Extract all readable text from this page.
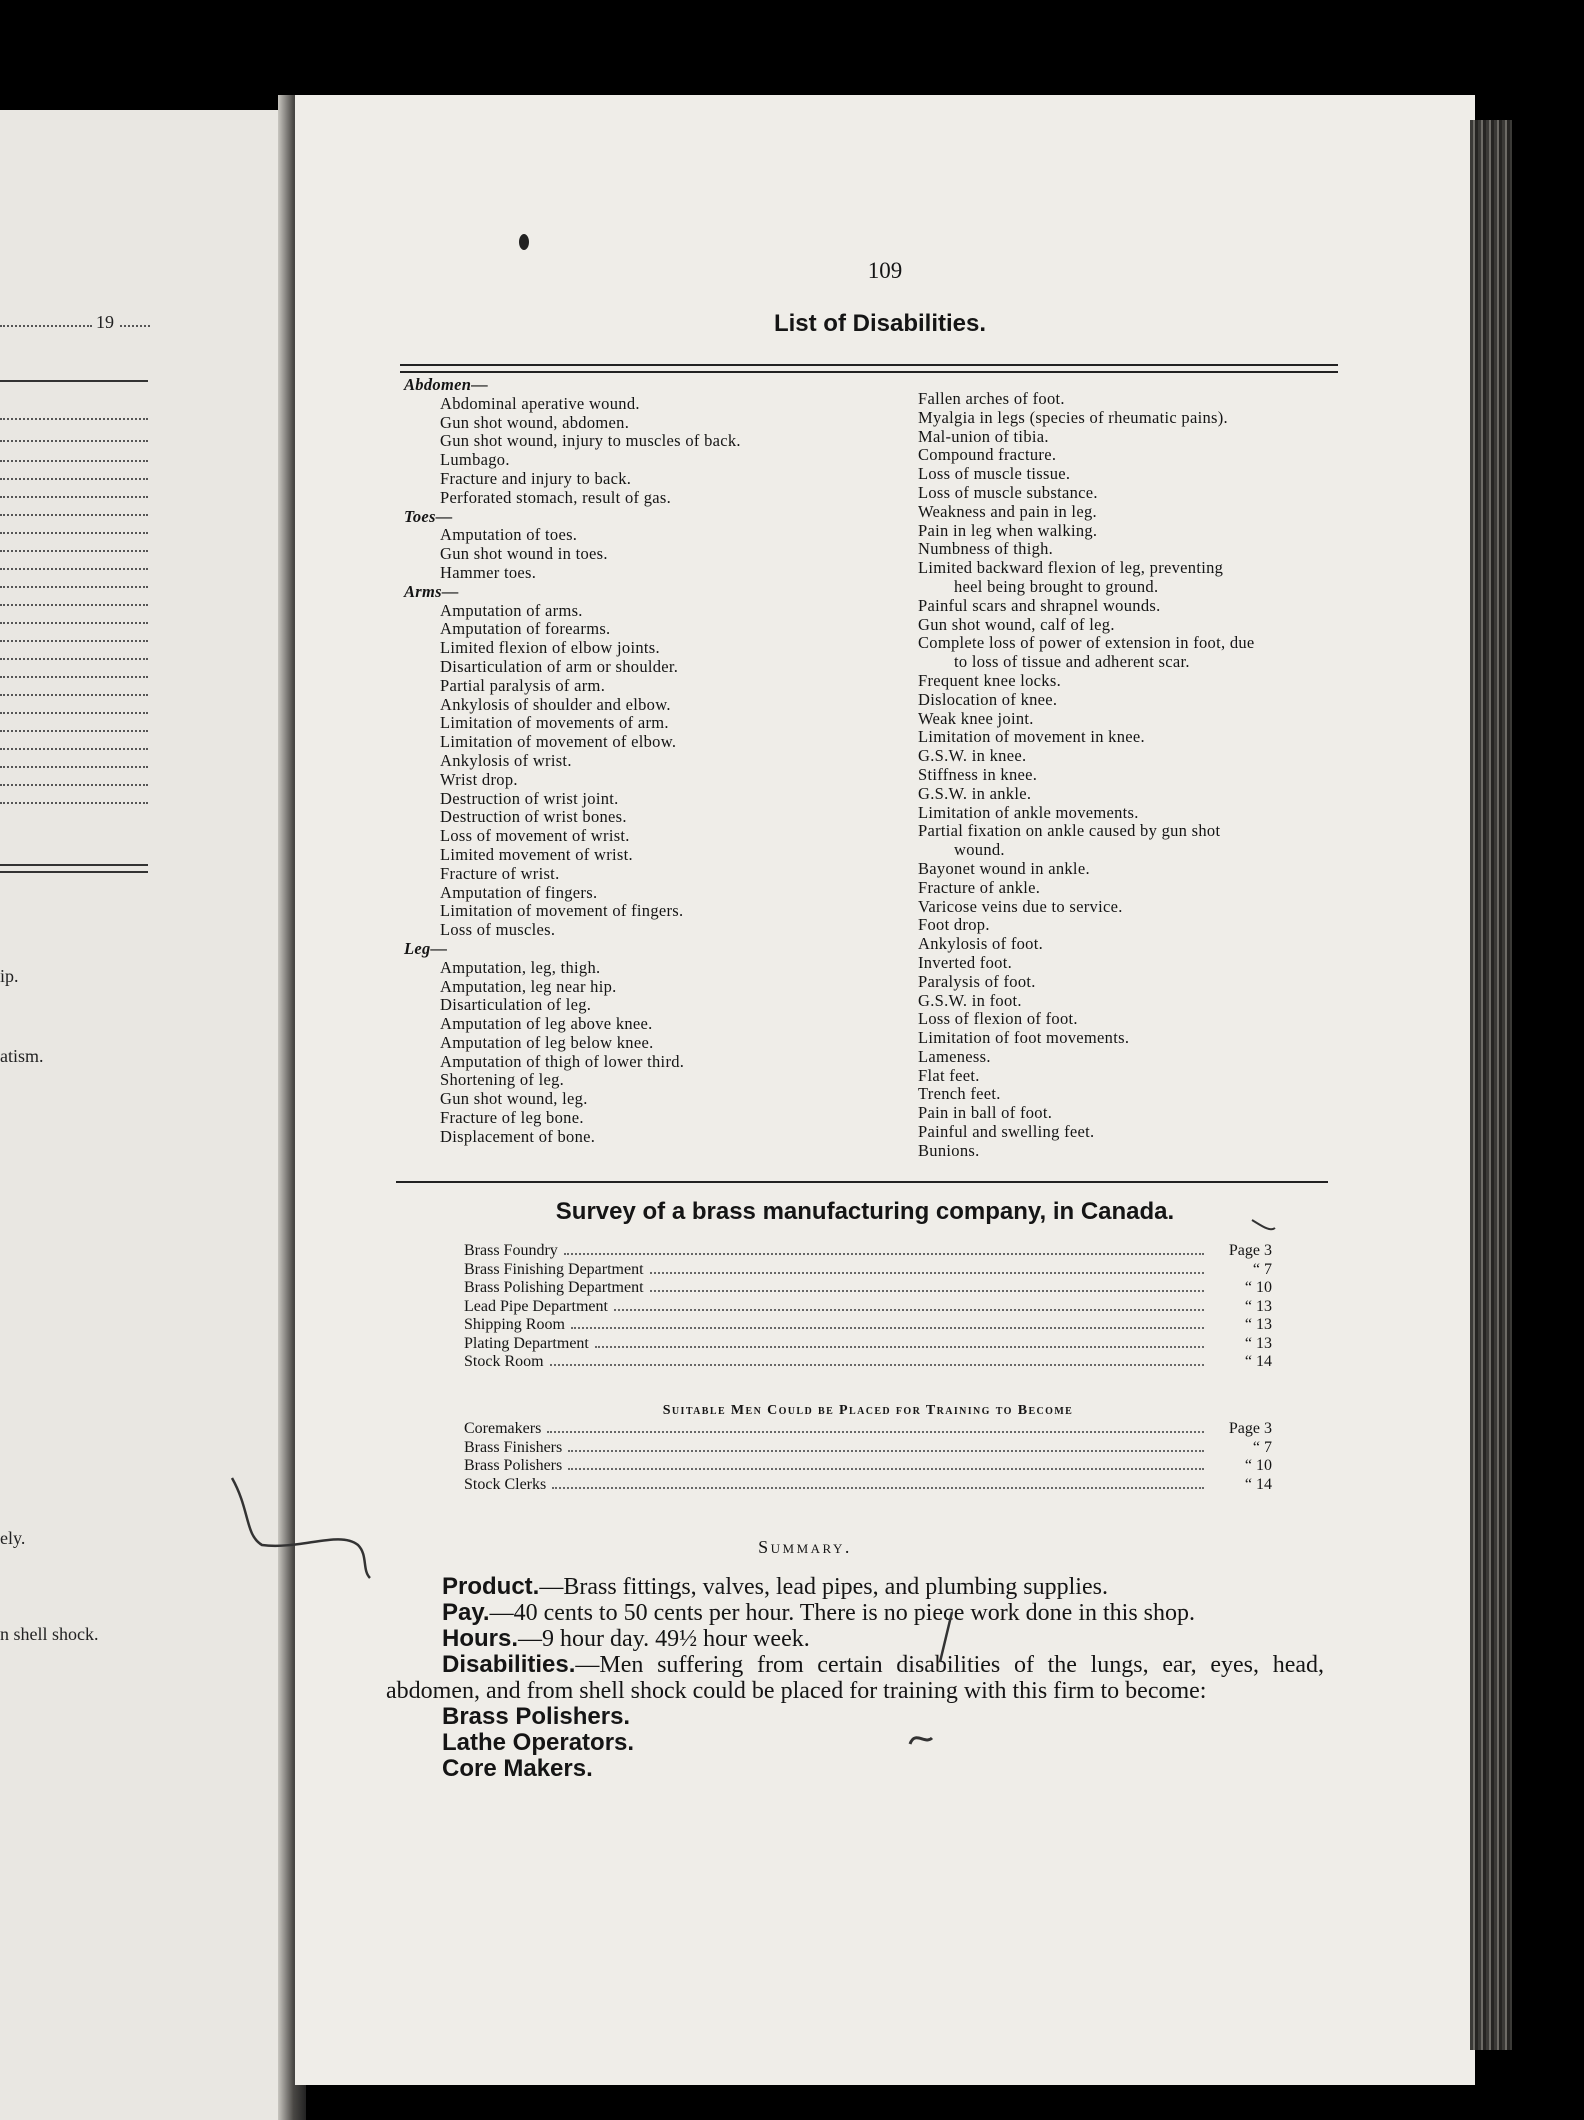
19
ip.
atism.
ely.
n shell shock.
109
List of Disabilities.
Abdomen—
Abdominal aperative wound.
Gun shot wound, abdomen.
Gun shot wound, injury to muscles of back.
Lumbago.
Fracture and injury to back.
Perforated stomach, result of gas.
Toes—
Amputation of toes.
Gun shot wound in toes.
Hammer toes.
Arms—
Amputation of arms.
Amputation of forearms.
Limited flexion of elbow joints.
Disarticulation of arm or shoulder.
Partial paralysis of arm.
Ankylosis of shoulder and elbow.
Limitation of movements of arm.
Limitation of movement of elbow.
Ankylosis of wrist.
Wrist drop.
Destruction of wrist joint.
Destruction of wrist bones.
Loss of movement of wrist.
Limited movement of wrist.
Fracture of wrist.
Amputation of fingers.
Limitation of movement of fingers.
Loss of muscles.
Leg—
Amputation, leg, thigh.
Amputation, leg near hip.
Disarticulation of leg.
Amputation of leg above knee.
Amputation of leg below knee.
Amputation of thigh of lower third.
Shortening of leg.
Gun shot wound, leg.
Fracture of leg bone.
Displacement of bone.
Fallen arches of foot.
Myalgia in legs (species of rheumatic pains).
Mal-union of tibia.
Compound fracture.
Loss of muscle tissue.
Loss of muscle substance.
Weakness and pain in leg.
Pain in leg when walking.
Numbness of thigh.
Limited backward flexion of leg, preventing
heel being brought to ground.
Painful scars and shrapnel wounds.
Gun shot wound, calf of leg.
Complete loss of power of extension in foot, due
to loss of tissue and adherent scar.
Frequent knee locks.
Dislocation of knee.
Weak knee joint.
Limitation of movement in knee.
G.S.W. in knee.
Stiffness in knee.
G.S.W. in ankle.
Limitation of ankle movements.
Partial fixation on ankle caused by gun shot
wound.
Bayonet wound in ankle.
Fracture of ankle.
Varicose veins due to service.
Foot drop.
Ankylosis of foot.
Inverted foot.
Paralysis of foot.
G.S.W. in foot.
Loss of flexion of foot.
Limitation of foot movements.
Lameness.
Flat feet.
Trench feet.
Pain in ball of foot.
Painful and swelling feet.
Bunions.
Survey of a brass manufacturing company, in Canada.
Brass Foundry	Page 3
Brass Finishing Department	“ 7
Brass Polishing Department	“ 10
Lead Pipe Department	“ 13
Shipping Room	“ 13
Plating Department	“ 13
Stock Room	“ 14
Suitable Men Could be Placed for Training to Become
Coremakers	Page 3
Brass Finishers	“ 7
Brass Polishers	“ 10
Stock Clerks	“ 14
Summary.

Product.—Brass fittings, valves, lead pipes, and plumbing supplies.

Pay.—40 cents to 50 cents per hour. There is no piece work done in this shop.

Hours.—9 hour day. 49½ hour week.

Disabilities.—Men suffering from certain disabilities of the lungs, ear, eyes, head, abdomen, and from shell shock could be placed for training with this firm to become:

Brass Polishers.
Lathe Operators.
Core Makers.
